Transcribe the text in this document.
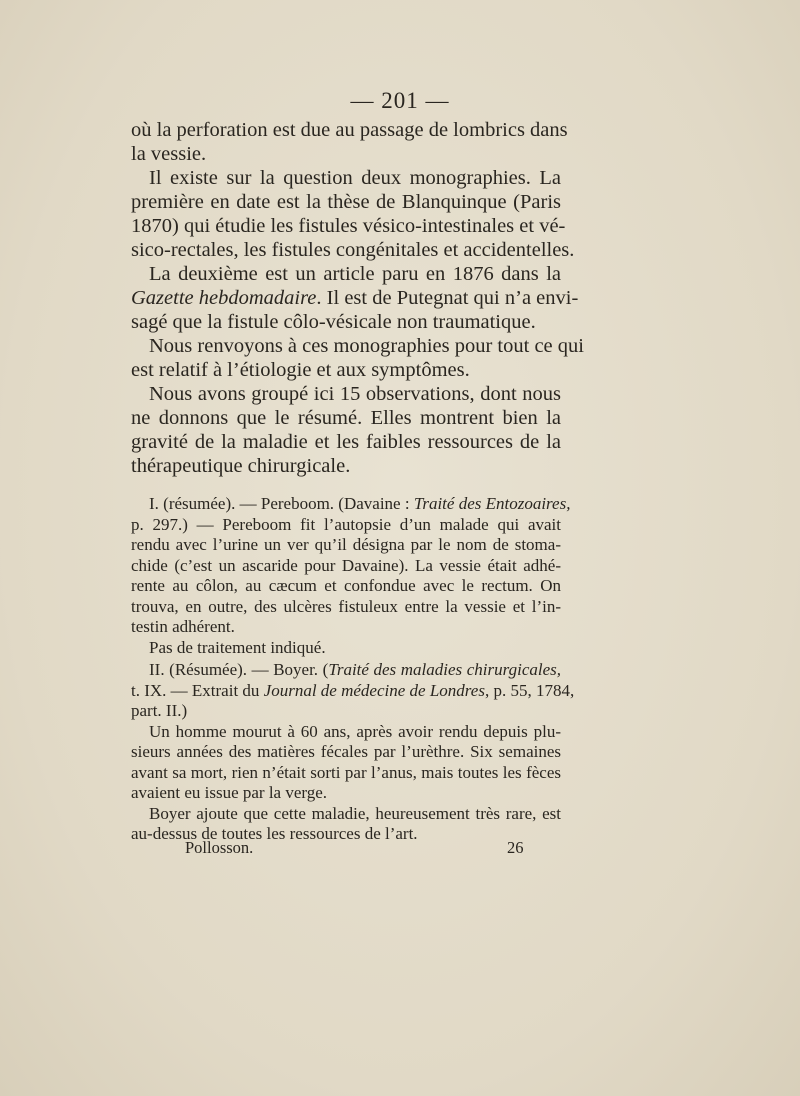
— 201 —

où la perforation est due au passage de lombrics dans
la vessie.

Il existe sur la question deux monographies. La
première en date est la thèse de Blanquinque (Paris
1870) qui étudie les fistules vésico-intestinales et vé-
sico-rectales, les fistules congénitales et accidentelles.

La deuxième est un article paru en 1876 dans la
Gazette hebdomadaire. Il est de Putegnat qui n’a envi-
sagé que la fistule côlo-vésicale non traumatique.

Nous renvoyons à ces monographies pour tout ce qui
est relatif à l’étiologie et aux symptômes.

Nous avons groupé ici 15 observations, dont nous
ne donnons que le résumé. Elles montrent bien la
gravité de la maladie et les faibles ressources de la
thérapeutique chirurgicale.

I. (résumée). — Pereboom. (Davaine : Traité des Entozoaires,
p. 297.) — Pereboom fit l’autopsie d’un malade qui avait
rendu avec l’urine un ver qu’il désigna par le nom de stoma-
chide (c’est un ascaride pour Davaine). La vessie était adhé-
rente au côlon, au cæcum et confondue avec le rectum. On
trouva, en outre, des ulcères fistuleux entre la vessie et l’in-
testin adhérent.

Pas de traitement indiqué.

II. (Résumée). — Boyer. (Traité des maladies chirurgicales,
t. IX. — Extrait du Journal de médecine de Londres, p. 55, 1784,
part. II.)

Un homme mourut à 60 ans, après avoir rendu depuis plu-
sieurs années des matières fécales par l’urèthre. Six semaines
avant sa mort, rien n’était sorti par l’anus, mais toutes les fèces
avaient eu issue par la verge.

Boyer ajoute que cette maladie, heureusement très rare, est
au-dessus de toutes les ressources de l’art.

Pollosson.	26
